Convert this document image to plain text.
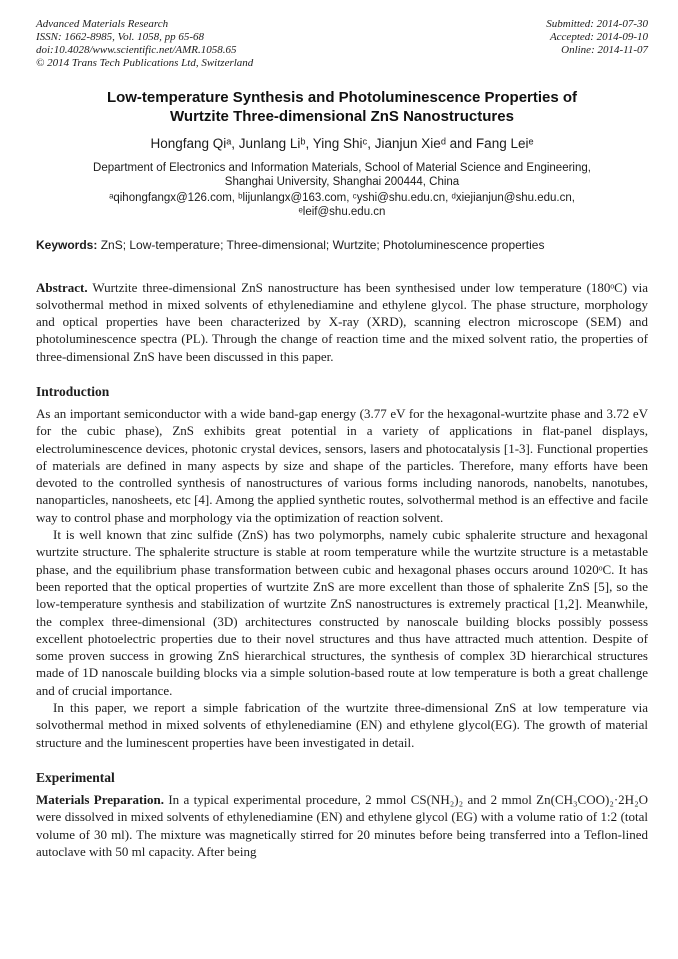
Advanced Materials Research
ISSN: 1662-8985, Vol. 1058, pp 65-68
doi:10.4028/www.scientific.net/AMR.1058.65
© 2014 Trans Tech Publications Ltd, Switzerland
Submitted: 2014-07-30
Accepted: 2014-09-10
Online: 2014-11-07
Low-temperature Synthesis and Photoluminescence Properties of
Wurtzite Three-dimensional ZnS Nanostructures
Hongfang Qiᵃ, Junlang Liᵇ, Ying Shiᶜ, Jianjun Xieᵈ and Fang Leiᵉ
Department of Electronics and Information Materials, School of Material Science and Engineering,
Shanghai University, Shanghai 200444, China
ᵃqihongfangx@126.com, ᵇlijunlangx@163.com, ᶜyshi@shu.edu.cn, ᵈxiejianjun@shu.edu.cn,
ᵉleif@shu.edu.cn

Keywords: ZnS; Low-temperature; Three-dimensional; Wurtzite; Photoluminescence properties

Abstract. Wurtzite three-dimensional ZnS nanostructure has been synthesised under low temperature (180ᵒC) via solvothermal method in mixed solvents of ethylenediamine and ethylene glycol. The phase structure, morphology and optical properties have been characterized by X-ray (XRD), scanning electron microscope (SEM) and photoluminescence spectra (PL). Through the change of reaction time and the mixed solvent ratio, the properties of three-dimensional ZnS have been discussed in this paper.

Introduction

As an important semiconductor with a wide band-gap energy (3.77 eV for the hexagonal-wurtzite phase and 3.72 eV for the cubic phase), ZnS exhibits great potential in a variety of applications in flat-panel displays, electroluminescence devices, photonic crystal devices, sensors, lasers and photocatalysis [1-3]. Functional properties of materials are defined in many aspects by size and shape of the particles. Therefore, many efforts have been devoted to the controlled synthesis of nanostructures of various forms including nanorods, nanobelts, nanotubes, nanoparticles, nanosheets, etc [4]. Among the applied synthetic routes, solvothermal method is an effective and facile way to control phase and morphology via the optimization of reaction solvent.

It is well known that zinc sulfide (ZnS) has two polymorphs, namely cubic sphalerite structure and hexagonal wurtzite structure. The sphalerite structure is stable at room temperature while the wurtzite structure is a metastable phase, and the equilibrium phase transformation between cubic and hexagonal phases occurs around 1020ᵒC. It has been reported that the optical properties of wurtzite ZnS are more excellent than those of sphalerite ZnS [5], so the low-temperature synthesis and stabilization of wurtzite ZnS nanostructures is extremely practical [1,2]. Meanwhile, the complex three-dimensional (3D) architectures constructed by nanoscale building blocks possibly possess excellent photoelectric properties due to their novel structures and thus have attracted much attention. Despite of some proven success in growing ZnS hierarchical structures, the synthesis of complex 3D hierarchical structures made of 1D nanoscale building blocks via a simple solution-based route at low temperature is both a great challenge and of crucial importance.

In this paper, we report a simple fabrication of the wurtzite three-dimensional ZnS at low temperature via solvothermal method in mixed solvents of ethylenediamine (EN) and ethylene glycol(EG). The growth of material structure and the luminescent properties have been investigated in detail.

Experimental

Materials Preparation. In a typical experimental procedure, 2 mmol CS(NH₂)₂ and 2 mmol Zn(CH₃COO)₂·2H₂O were dissolved in mixed solvents of ethylenediamine (EN) and ethylene glycol (EG) with a volume ratio of 1:2 (total volume of 30 ml). The mixture was magnetically stirred for 20 minutes before being transferred into a Teflon-lined autoclave with 50 ml capacity. After being
